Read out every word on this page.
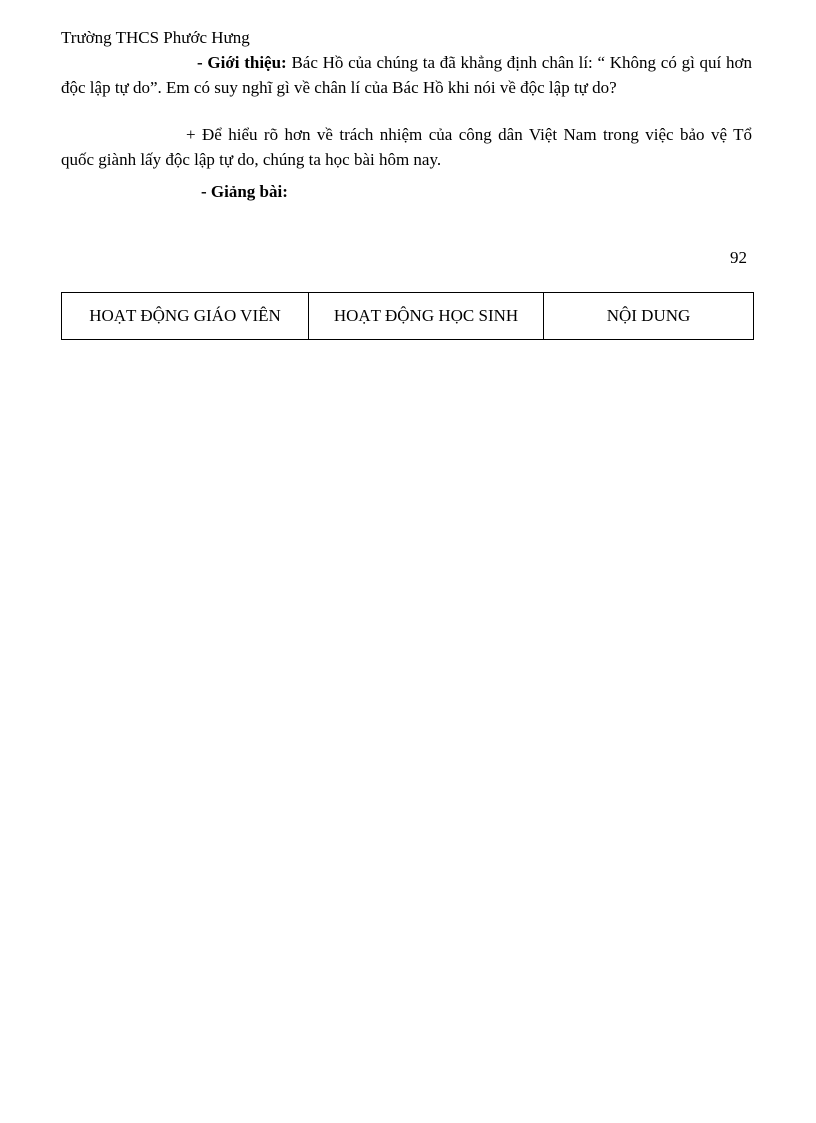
Trường THCS Phước Hưng

- Giới thiệu: Bác Hồ của chúng ta đã khẳng định chân lí: “ Không có gì quí hơn độc lập tự do”. Em có suy nghĩ gì về chân lí của Bác Hồ khi nói về độc lập tự do?

+ Để hiểu rõ hơn về trách nhiệm của công dân Việt Nam trong việc bảo vệ Tổ quốc giành lấy độc lập tự do, chúng ta học bài hôm nay.

- Giảng bài:
92
HOẠT ĐỘNG GIÁO VIÊN	HOẠT ĐỘNG HỌC SINH	NỘI DUNG
